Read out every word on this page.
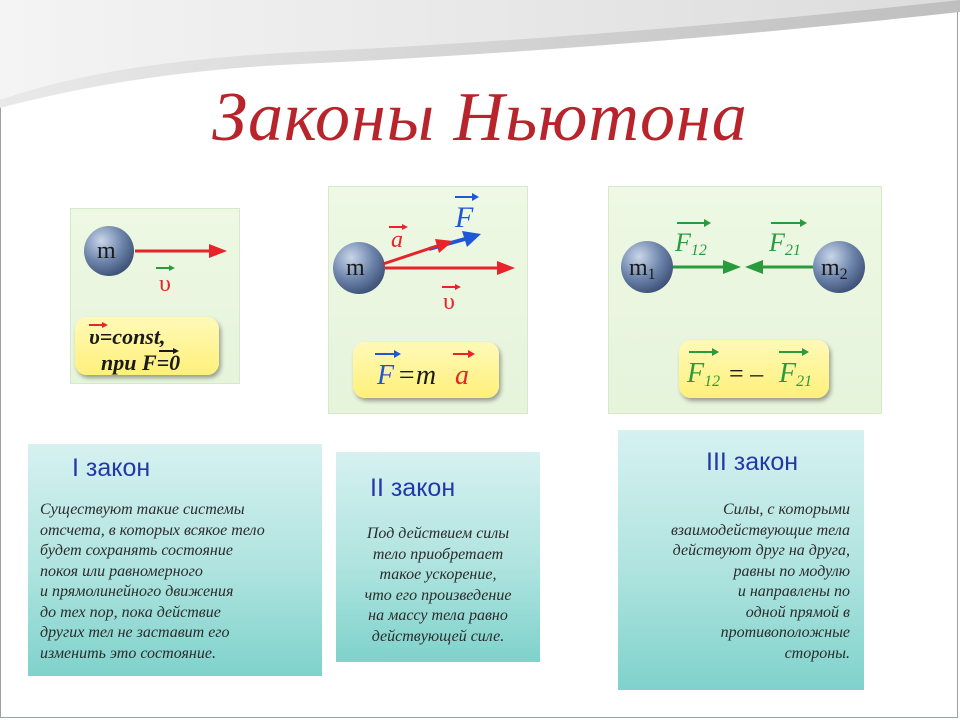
Законы Ньютона
m
υ
υ=const,
при F=0
m
a
F
υ
F =m a
m1	m2
F12 F21
F12 = – F21
I закон
Существуют такие системы
отсчета, в которых всякое тело
будет сохранять состояние
покоя или равномерного
и прямолинейного движения
до тех пор, пока действие
других тел не заставит его
изменить это состояние.
II закон
Под действием силы
тело приобретает
такое ускорение,
что его произведение
на массу тела равно
действующей силе.
III закон
Силы, с которыми
взаимодействующие тела
действуют друг на друга,
равны по модулю
и направлены по
одной прямой в
противоположные
стороны.
